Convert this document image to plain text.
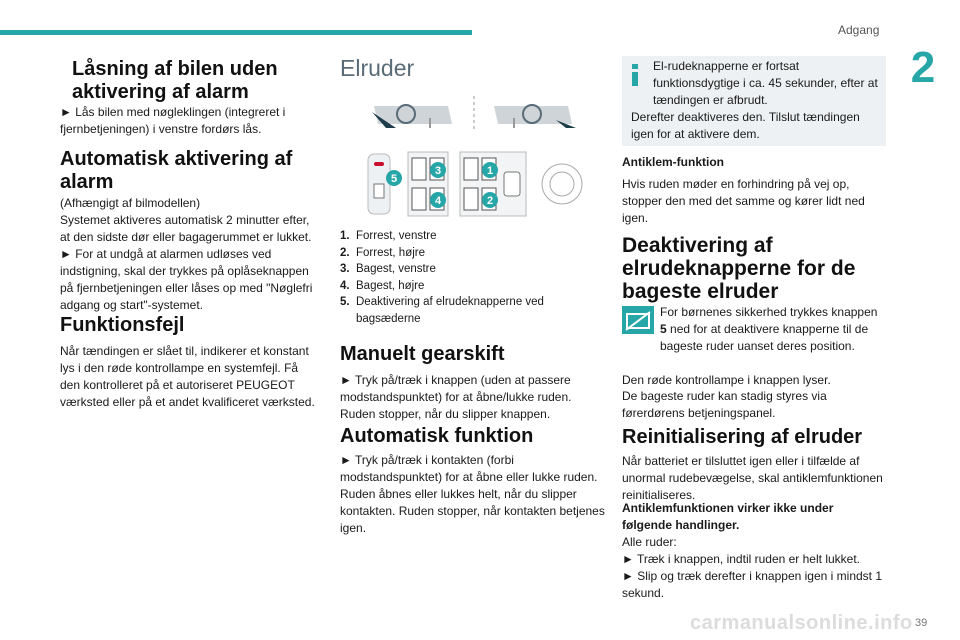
Adgang
2
Låsning af bilen uden aktivering af alarm

► Lås bilen med nøgleklingen (integreret i fjernbetjeningen) i venstre fordørs lås.

Automatisk aktivering af alarm

(Afhængigt af bilmodellen)

Systemet aktiveres automatisk 2 minutter efter, at den sidste dør eller bagagerummet er lukket.

► For at undgå at alarmen udløses ved indstigning, skal der trykkes på oplåseknappen på fjernbetjeningen eller låses op med "Nøglefri adgang og start"-systemet.

Funktionsfejl

Når tændingen er slået til, indikerer et konstant lys i den røde kontrollampe en systemfejl. Få den kontrolleret på et autoriseret PEUGEOT værksted eller på et andet kvalificeret værksted.

Elruder
5
3	1
4	2
1. Forrest, venstre
2. Forrest, højre
3. Bagest, venstre
4. Bagest, højre
5. Deaktivering af elrudeknapperne ved bagsæderne
Manuelt gearskift

► Tryk på/træk i knappen (uden at passere modstandspunktet) for at åbne/lukke ruden. Ruden stopper, når du slipper knappen.

Automatisk funktion

► Tryk på/træk i kontakten (forbi modstandspunktet) for at åbne eller lukke ruden. Ruden åbnes eller lukkes helt, når du slipper kontakten. Ruden stopper, når kontakten betjenes igen.

El-rudeknapperne er fortsat funktionsdygtige i ca. 45 sekunder, efter at tændingen er afbrudt.
Derefter deaktiveres den. Tilslut tændingen igen for at aktivere dem.

Antiklem-funktion

Hvis ruden møder en forhindring på vej op, stopper den med det samme og kører lidt ned igen.

Deaktivering af elrudeknapperne for de bageste elruder

For børnenes sikkerhed trykkes knappen
5 ned for at deaktivere knapperne til de bageste ruder uanset deres position.

Den røde kontrollampe i knappen lyser.

De bageste ruder kan stadig styres via førerdørens betjeningspanel.

Reinitialisering af elruder

Når batteriet er tilsluttet igen eller i tilfælde af unormal rudebevægelse, skal antiklemfunktionen reinitialiseres.

Antiklemfunktionen virker ikke under følgende handlinger.

Alle ruder:

► Træk i knappen, indtil ruden er helt lukket.

► Slip og træk derefter i knappen igen i mindst 1 sekund.

carmanualsonline.info 39
